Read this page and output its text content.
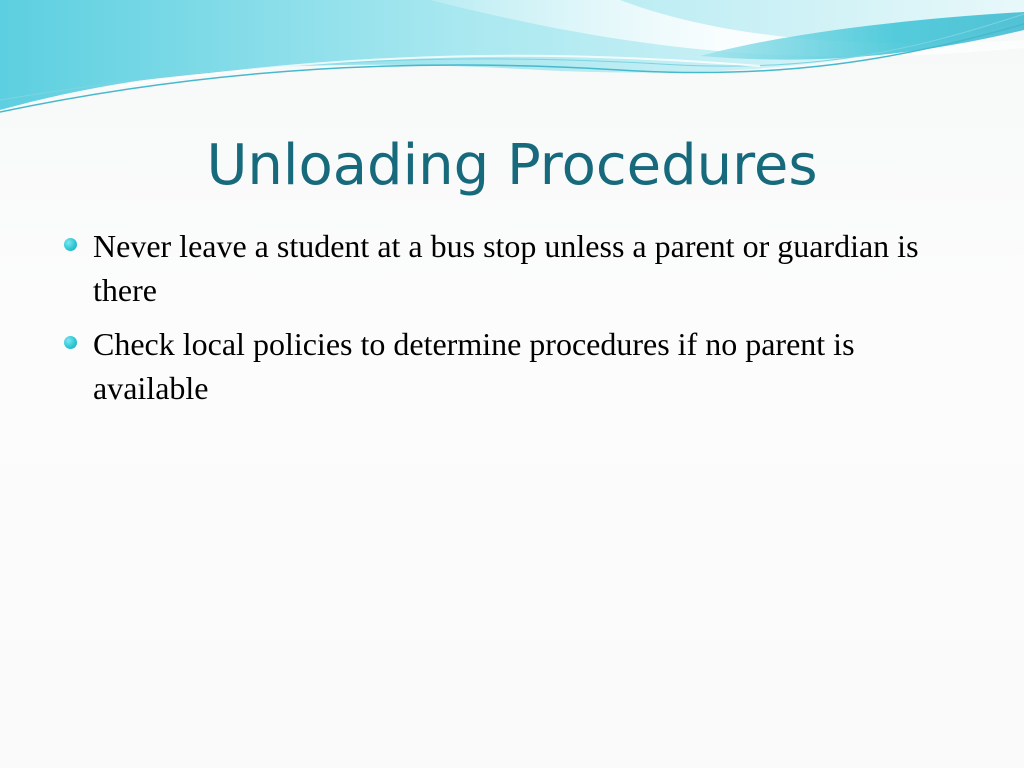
Unloading Procedures
Never leave a student at a bus stop unless a parent or guardian is there
Check local policies to determine procedures if no parent is available
